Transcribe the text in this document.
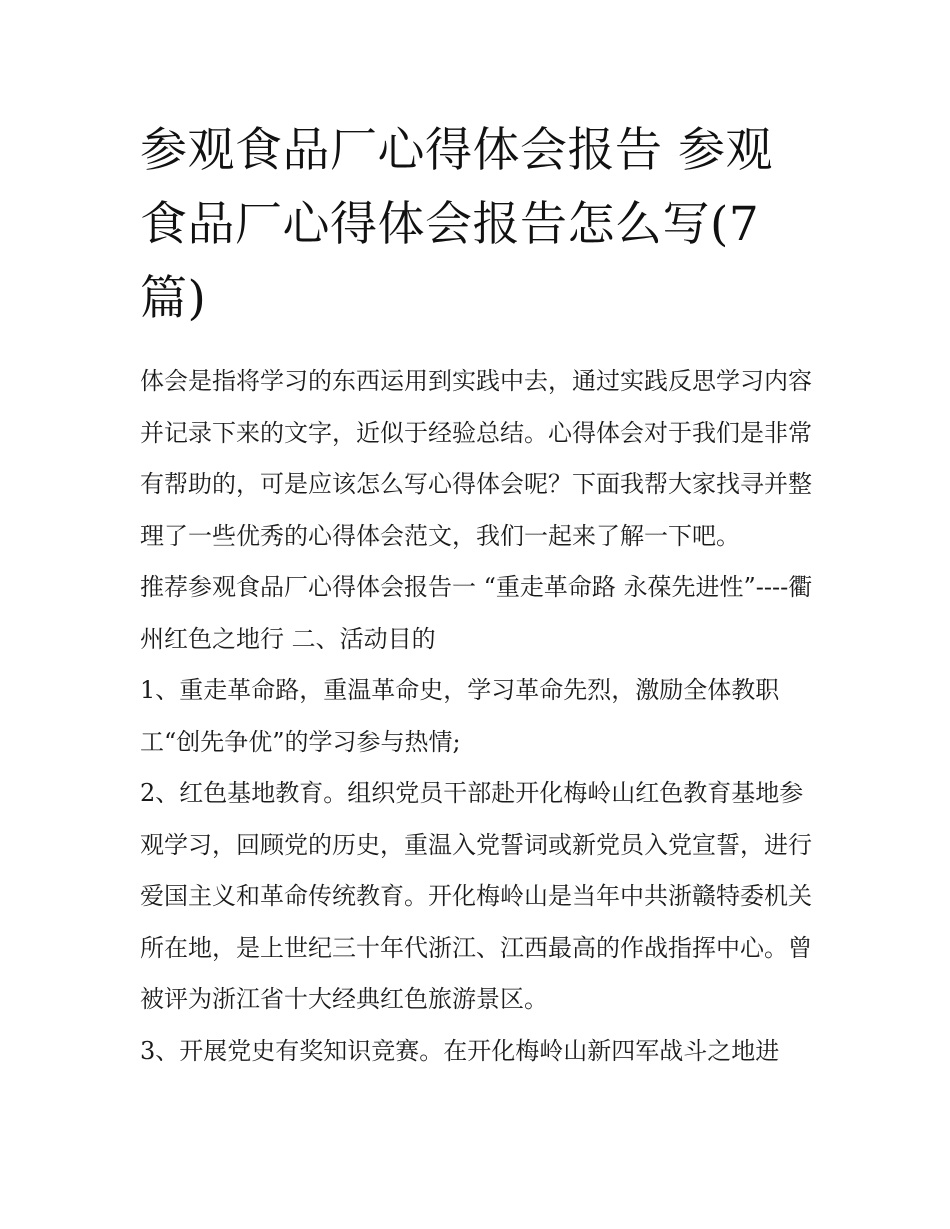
参观食品厂心得体会报告 参观食品厂心得体会报告怎么写(7篇)

体会是指将学习的东西运用到实践中去，通过实践反思学习内容并记录下来的文字，近似于经验总结。心得体会对于我们是非常有帮助的，可是应该怎么写心得体会呢？下面我帮大家找寻并整理了一些优秀的心得体会范文，我们一起来了解一下吧。

推荐参观食品厂心得体会报告一 “重走革命路 永葆先进性”----衢州红色之地行 二、活动目的

1、重走革命路，重温革命史，学习革命先烈，激励全体教职工“创先争优”的学习参与热情;

2、红色基地教育。组织党员干部赴开化梅岭山红色教育基地参观学习，回顾党的历史，重温入党誓词或新党员入党宣誓，进行爱国主义和革命传统教育。开化梅岭山是当年中共浙赣特委机关所在地，是上世纪三十年代浙江、江西最高的作战指挥中心。曾被评为浙江省十大经典红色旅游景区。

3、开展党史有奖知识竞赛。在开化梅岭山新四军战斗之地进
